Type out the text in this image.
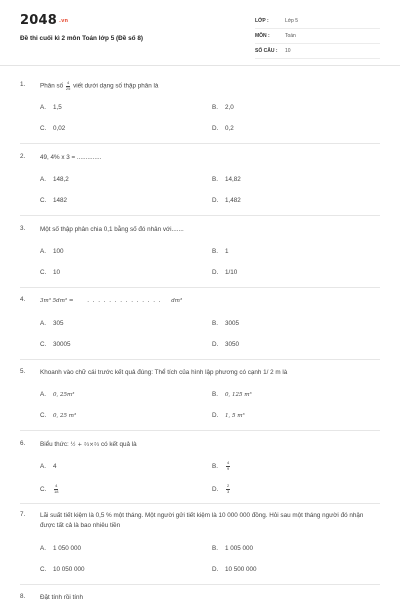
2048 .vn
Đề thi cuối kì 2 môn Toán lớp 5 (Đề số 8)
LỚP :	Lớp 5
MÔN :	Toán
SỐ CÂU : 10
1. Phân số $\frac{4}{25}$ viết dưới dạng số thập phân là
A. 1,5	B. 2,0
C. 0,02	D. 0,2
2. 49, 4% x 3 = ..............
A. 148,2	B. 14,82
C. 1482	D. 1,482
3. Một số thập phân chia 0,1 bằng số đó nhân với.......
A. 100	B. 1
C. 10	D. 1/10
4.	3m³ 5dm³ = . . . . . . . . . . . . . . dm³
A. 305	B. 3005
C. 30005	D. 3050
5. Khoanh vào chữ cái trước kết quả đúng: Thể tích của hình lập phương có cạnh 1/ 2 m là
A. 0, 25m³	B. 0, 125 m³
C. 0, 25 m³	D. 1, 5 m³
6. Biểu thức: ½ + ⅔×⅔ có kết quả là
A. 4	B. $\frac{4}{9}$
C. $\frac{4}{18}$	D. $\frac{2}{3}$
7. Lãi suất tiết kiệm là 0,5 % một tháng. Một người gửi tiết kiệm là 10 000 000 đồng. Hỏi sau một tháng người đó nhận được tất cả là bao nhiêu tiền
A. 1 050 000	B. 1 005 000
C. 10 050 000	D. 10 500 000
8. Đặt tính rồi tính
